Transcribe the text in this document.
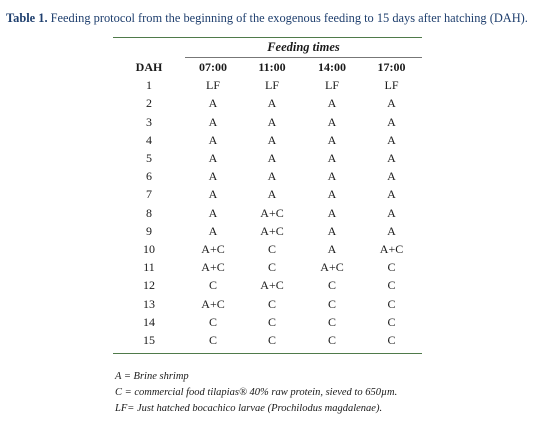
Table 1. Feeding protocol from the beginning of the exogenous feeding to 15 days after hatching (DAH).
Feeding times
DAH	07:00	11:00	14:00	17:00
1	LF	LF	LF	LF
2	A	A	A	A
3	A	A	A	A
4	A	A	A	A
5	A	A	A	A
6	A	A	A	A
7	A	A	A	A
8	A	A+C	A	A
9	A	A+C	A	A
10	A+C	C	A	A+C
11	A+C	C	A+C	C
12	C	A+C	C	C
13	A+C	C	C	C
14	C	C	C	C
15	C	C	C	C
A = Brine shrimp
C = commercial food tilapias® 40% raw protein, sieved to 650µm.
LF= Just hatched bocachico larvae (Prochilodus magdalenae).
